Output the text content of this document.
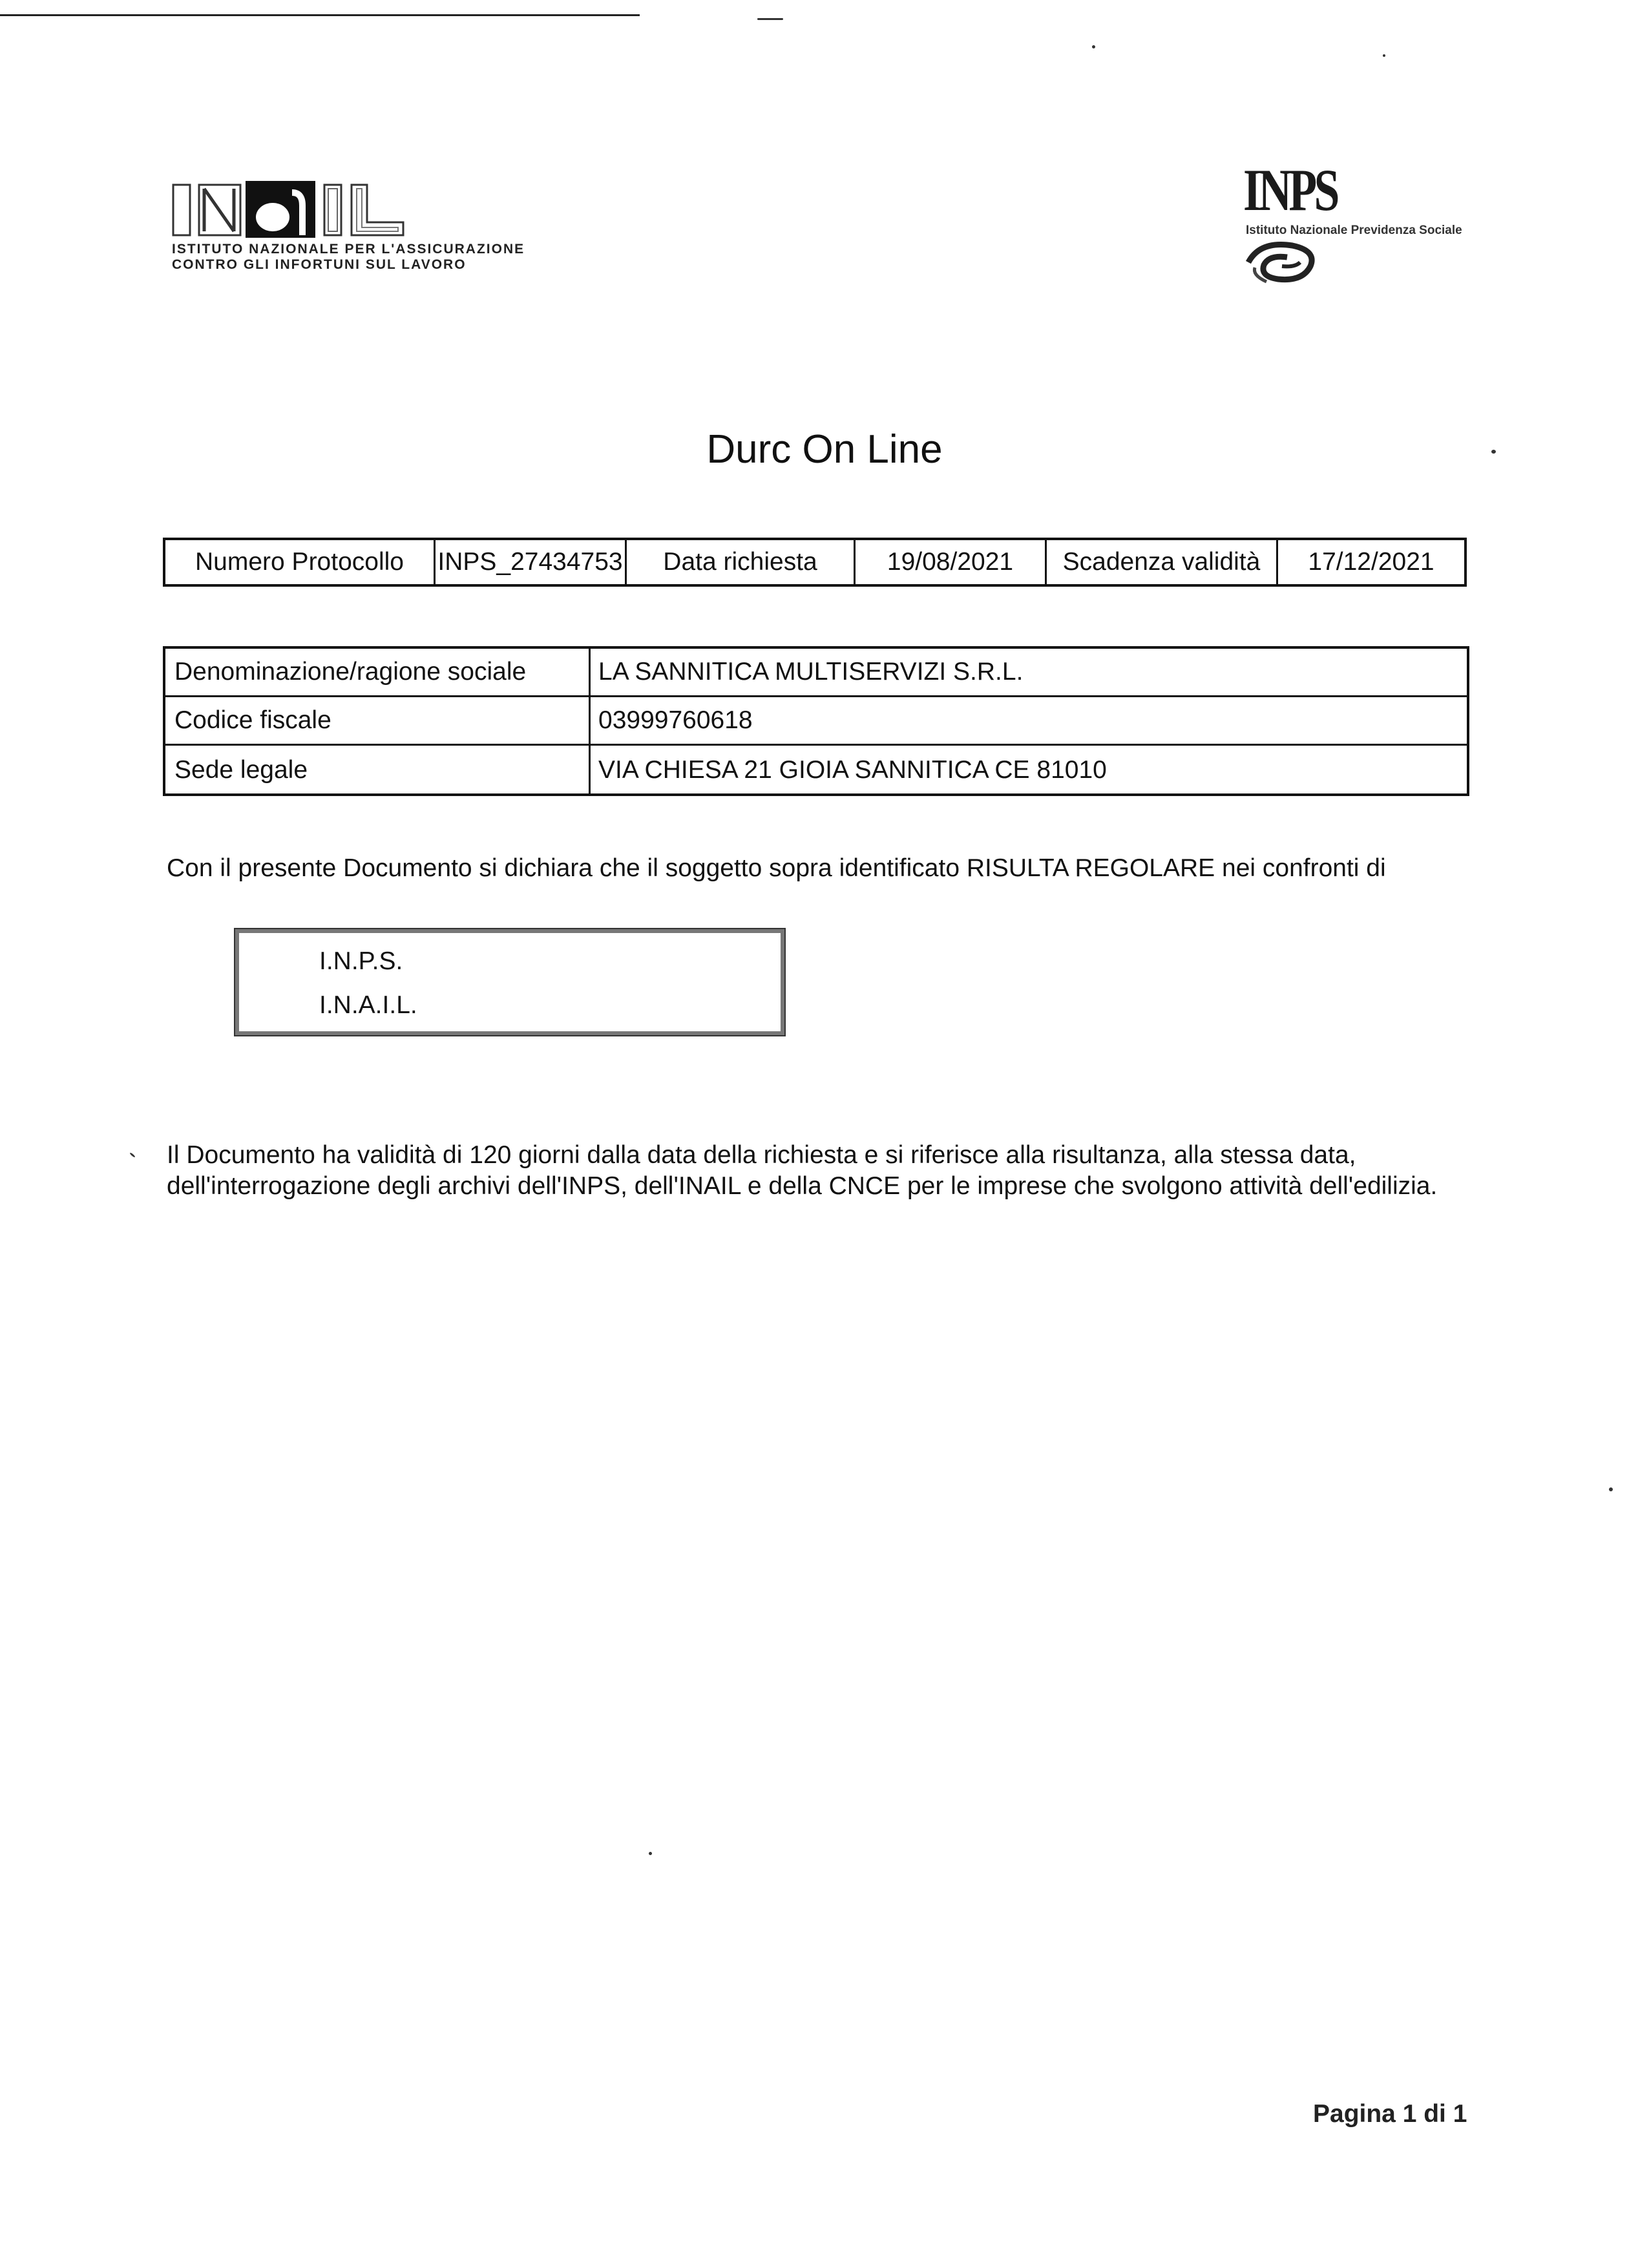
ISTITUTO NAZIONALE PER L'ASSICURAZIONE
CONTRO GLI INFORTUNI SUL LAVORO
INPS
Istituto Nazionale Previdenza Sociale
Durc On Line
Numero Protocollo	INPS_27434753	Data richiesta	19/08/2021	Scadenza validità	17/12/2021
Denominazione/ragione sociale	LA SANNITICA MULTISERVIZI S.R.L.
Codice fiscale	03999760618
Sede legale	VIA CHIESA 21 GIOIA SANNITICA CE 81010
Con il presente Documento si dichiara che il soggetto sopra identificato RISULTA REGOLARE nei confronti di
I.N.P.S.
I.N.A.I.L.
Il Documento ha validità di 120 giorni dalla data della richiesta e si riferisce alla risultanza, alla stessa data,
dell'interrogazione degli archivi dell'INPS, dell'INAIL e della CNCE per le imprese che svolgono attività dell'edilizia.
Pagina 1 di 1
